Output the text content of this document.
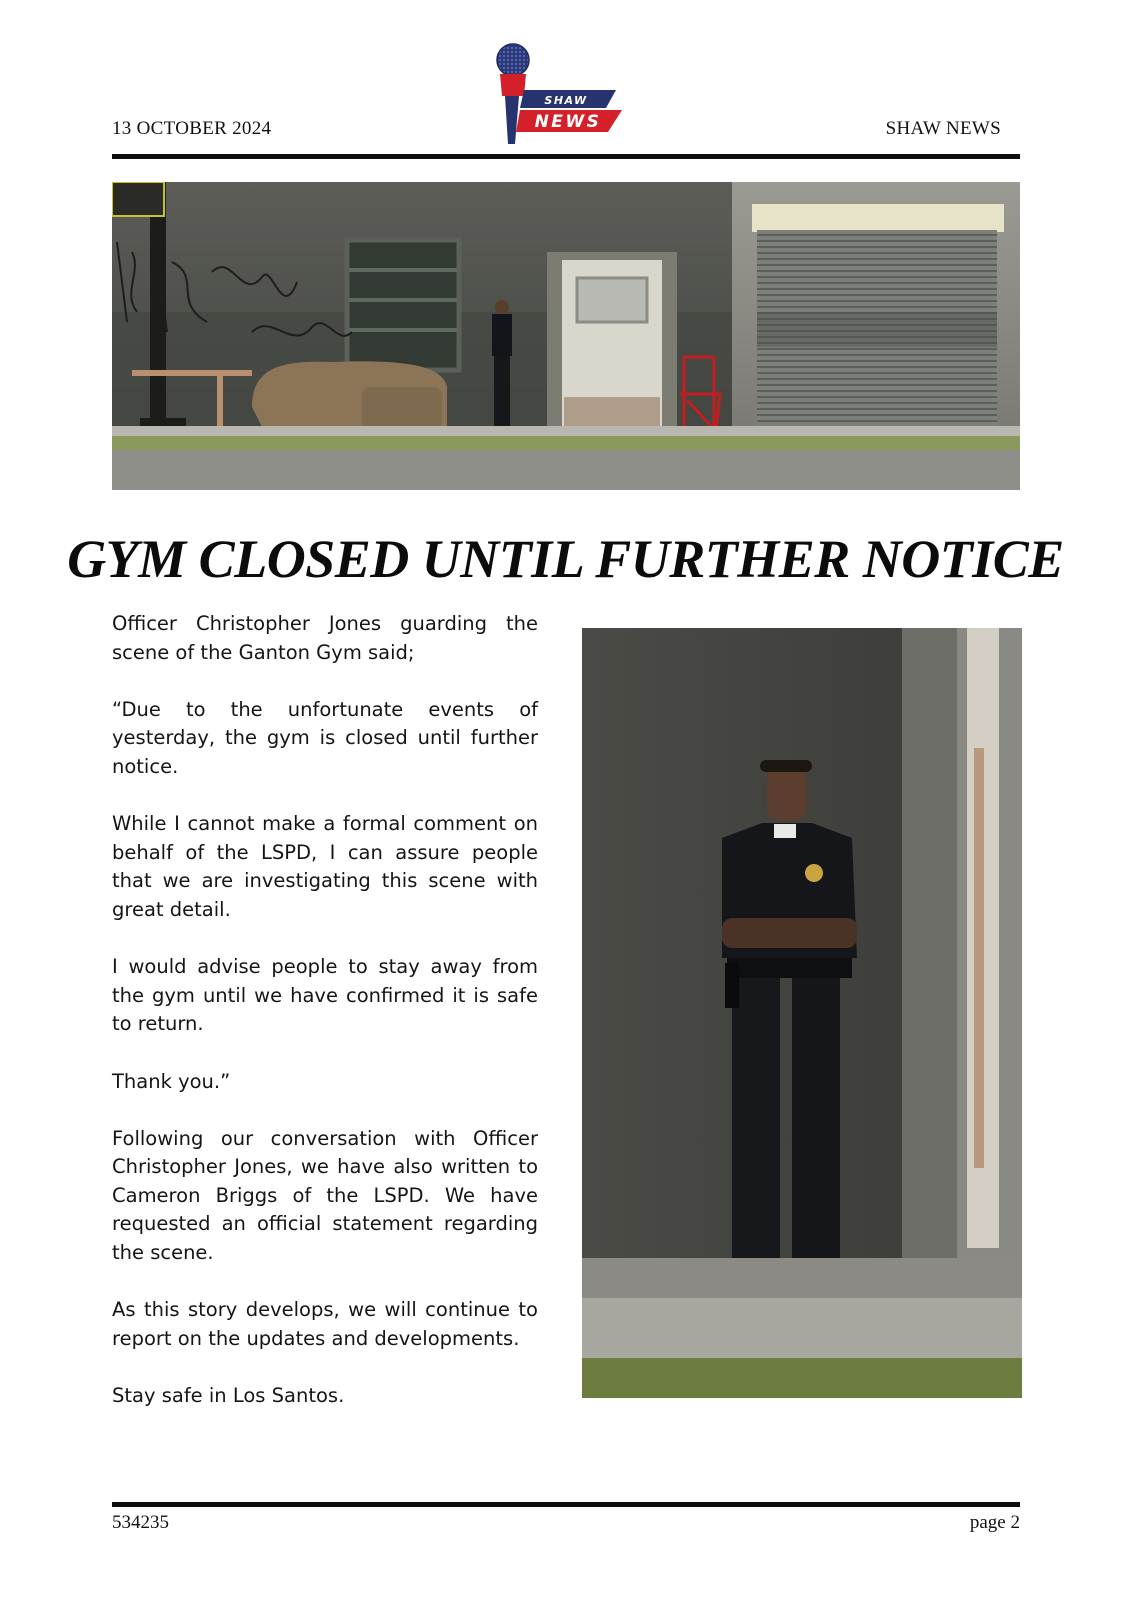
13 OCTOBER 2024	SHAW NEWS
SHAW
NEWS
GYM CLOSED UNTIL FURTHER NOTICE

Officer Christopher Jones guarding the scene of the Ganton Gym said;

“Due to the unfortunate events of yesterday, the gym is closed until further notice.

While I cannot make a formal comment on behalf of the LSPD, I can assure people that we are investigating this scene with great detail.

I would advise people to stay away from the gym until we have confirmed it is safe to return.

Thank you.”

Following our conversation with Officer Christopher Jones, we have also written to Cameron Briggs of the LSPD. We have requested an official statement regarding the scene.

As this story develops, we will continue to report on the updates and developments.

Stay safe in Los Santos.

534235	page 2
